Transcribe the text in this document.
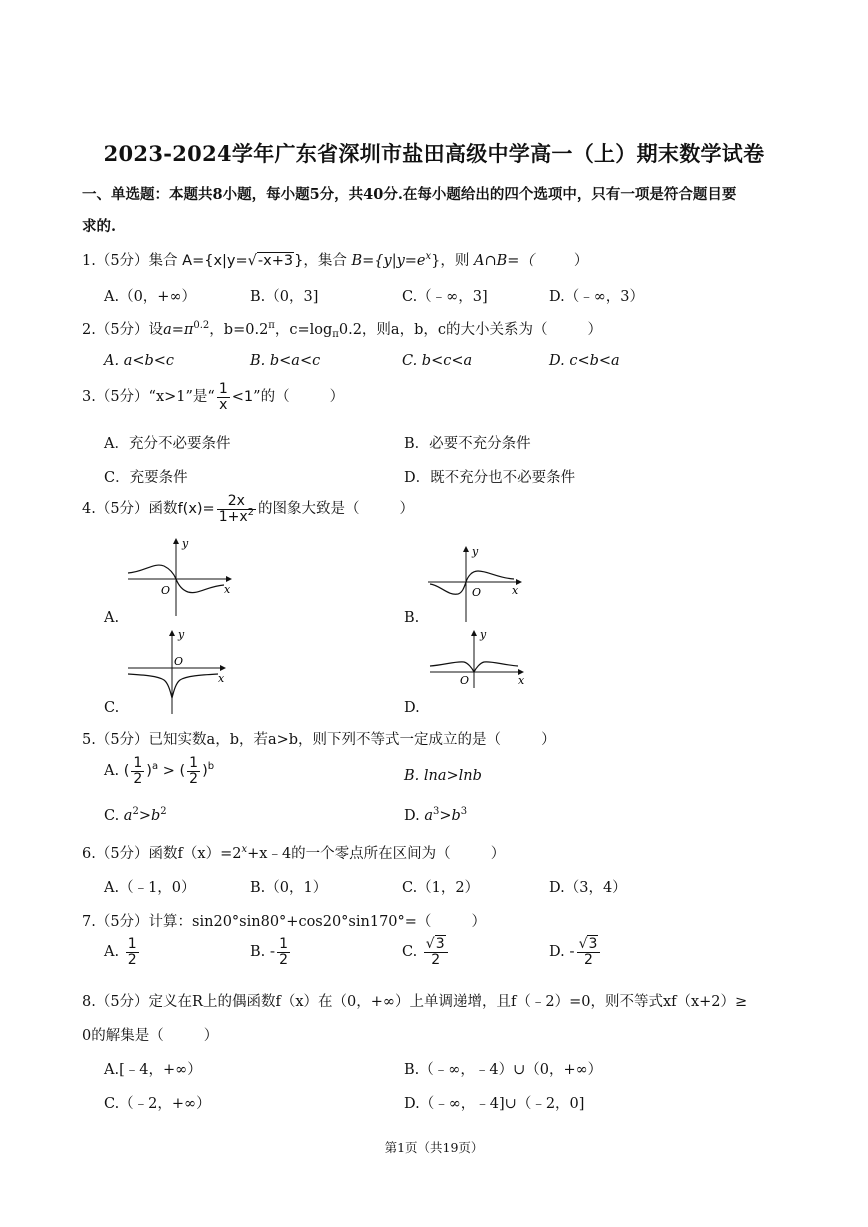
2023-2024学年广东省深圳市盐田高级中学高一（上）期末数学试卷
一、单选题：本题共8小题，每小题5分，共40分.在每小题给出的四个选项中，只有一项是符合题目要
求的.
1.（5分）集合 A={x|y=√-x+3}，集合 $B=\{y|y=e^x\}$，则 A∩B=（	）
A.（0，+∞）	B.（0，3]	C.（﹣∞，3]	D.（﹣∞，3）
2.（5分）设$a=\pi^{0.2}$，$b=0.2^\pi$，$c=\log_\pi 0.2$，则a，b，c的大小关系为（	）
A. a<b<c	B. b<a<c	C. b<c<a	D. c<b<a
3.（5分）“x>1”是“ $\frac{1}{x} <1$”的（	）
A．充分不必要条件	B．必要不充分条件
C．充要条件	D．既不充分也不必要条件
4.（5分）函数$f(x)= \frac{2x}{1+x^2}$ 的图象大致是（	）
O	x
y
A.
O	x
y
B.
O
x
y
C.
O	x
y
D.
5.（5分）已知实数a，b，若a>b，则下列不等式一定成立的是（	）
A. ( $\frac{1}{2} )^a$ > ( $\frac{1}{2} )^b$
B. lna>lnb
C. $a^2>b^2$	D. $a^3>b^3$
6.（5分）函数$f(x)=2^x+x﹣4$的一个零点所在区间为（	）
A.（﹣1，0）	B.（0，1）	C.（1，2）	D.（3，4）
7.（5分）计算：sin20°sin80°+cos20°sin170°=（	）
A. $\frac{1}{2}$	B. - $\frac{1}{2}$	C. $\frac{√3}{2}$	D. - $\frac{√3}{2}$
8.（5分）定义在R上的偶函数f（x）在（0，+∞）上单调递增，且f（﹣2）=0，则不等式xf（x+2）≥
0的解集是（	）
A.[﹣4，+∞）	B.（﹣∞，﹣4）∪（0，+∞）
C.（﹣2，+∞）	D.（﹣∞，﹣4]∪（﹣2，0]
第1页（共19页）
